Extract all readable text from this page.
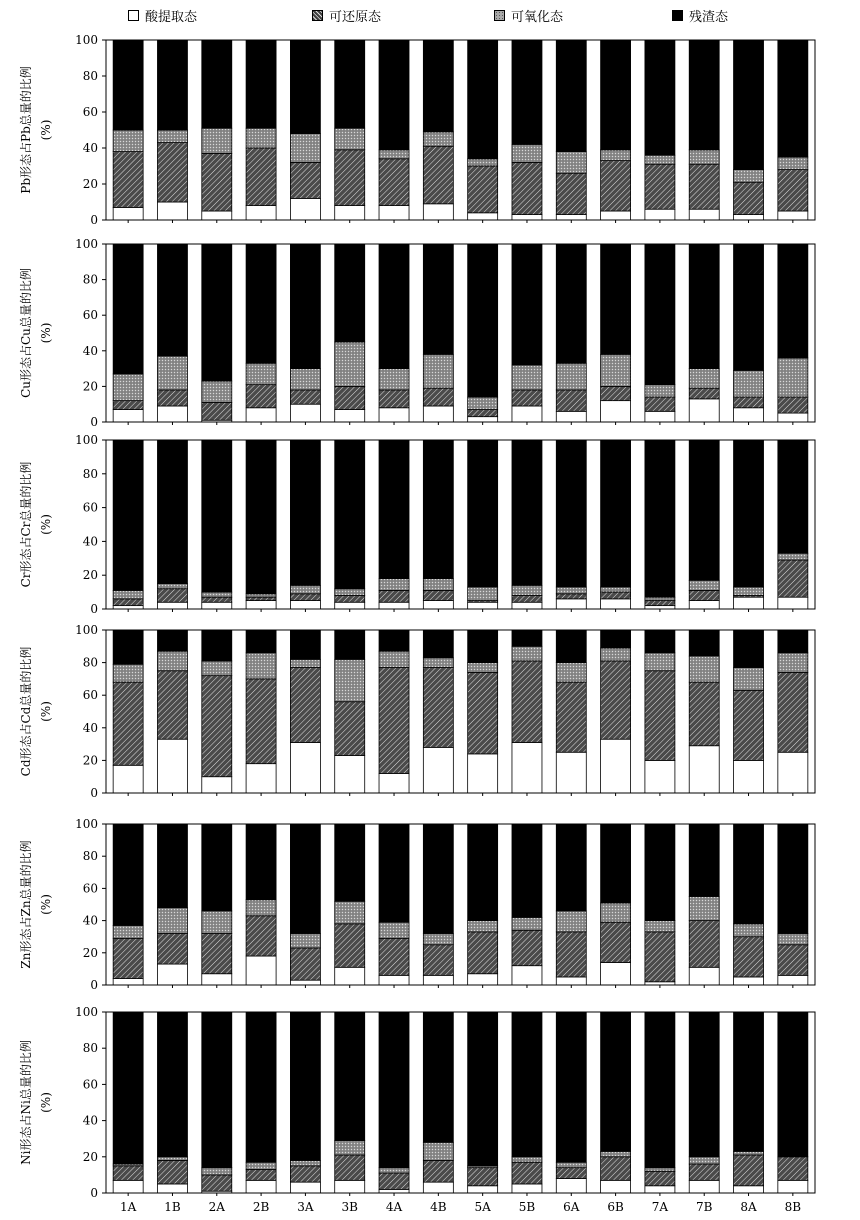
酸提取态	可还原态	可氧化态	残渣态
Pb形态占Pb总量的比例 (%)
0
20
40
60
80
100
Cu形态占Cu总量的比例 (%)
0
20
40
60
80
100
Cr形态占Cr总量的比例 (%)
0
20
40
60
80
100
Cd形态占Cd总量的比例 (%)
0
20
40
60
80
100
Zn形态占Zn总量的比例 (%)
0
20
40
60
80
100
Ni形态占Ni总量的比例 (%)
0
20
40
60
80
100
1A 1B 2A 2B 3A 3B 4A 4B 5A 5B 6A 6B 7A 7B 8A 8B
